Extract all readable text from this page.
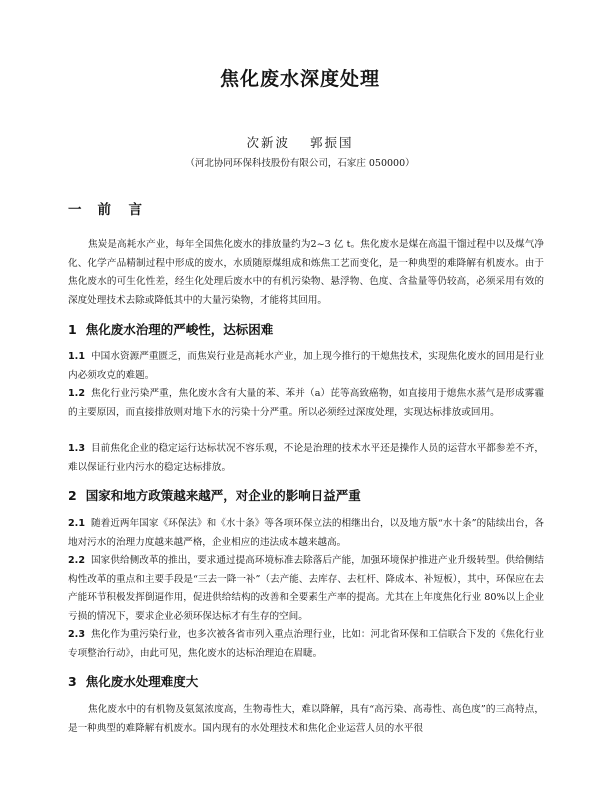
焦化废水深度处理
次新波 郭振国
（河北协同环保科技股份有限公司，石家庄 050000）
一 前　言
焦炭是高耗水产业，每年全国焦化废水的排放量约为2~3 亿 t。焦化废水是煤在高温干馏过程中以及煤气净化、化学产品精制过程中形成的废水，水质随原煤组成和炼焦工艺而变化，是一种典型的难降解有机废水。由于焦化废水的可生化性差，经生化处理后废水中的有机污染物、悬浮物、色度、含盐量等仍较高，必须采用有效的深度处理技术去除或降低其中的大量污染物，才能将其回用。
1 焦化废水治理的严峻性，达标困难
1.1 中国水资源严重匮乏，而焦炭行业是高耗水产业，加上现今推行的干熄焦技术，实现焦化废水的回用是行业内必须攻克的难题。
1.2 焦化行业污染严重，焦化废水含有大量的苯、苯并（a）芘等高致癌物，如直接用于熄焦水蒸气是形成雾霾的主要原因，而直接排放则对地下水的污染十分严重。所以必须经过深度处理，实现达标排放或回用。
1.3 目前焦化企业的稳定运行达标状况不容乐观，不论是治理的技术水平还是操作人员的运营水平都参差不齐，难以保证行业内污水的稳定达标排放。
2 国家和地方政策越来越严，对企业的影响日益严重
2.1 随着近两年国家《环保法》和《水十条》等各项环保立法的相继出台，以及地方版“水十条”的陆续出台，各地对污水的治理力度越来越严格，企业相应的违法成本越来越高。
2.2 国家供给侧改革的推出，要求通过提高环境标准去除落后产能，加强环境保护推进产业升级转型。供给侧结构性改革的重点和主要手段是“三去一降一补”（去产能、去库存、去杠杆、降成本、补短板），其中，环保应在去产能环节积极发挥倒逼作用，促进供给结构的改善和全要素生产率的提高。尤其在上年度焦化行业 80%以上企业亏损的情况下，要求企业必须环保达标才有生存的空间。
2.3 焦化作为重污染行业，也多次被各省市列入重点治理行业，比如：河北省环保和工信联合下发的《焦化行业专项整治行动》，由此可见，焦化废水的达标治理迫在眉睫。
3 焦化废水处理难度大
焦化废水中的有机物及氨氮浓度高，生物毒性大，难以降解，具有“高污染、高毒性、高色度”的三高特点，是一种典型的难降解有机废水。国内现有的水处理技术和焦化企业运营人员的水平很
